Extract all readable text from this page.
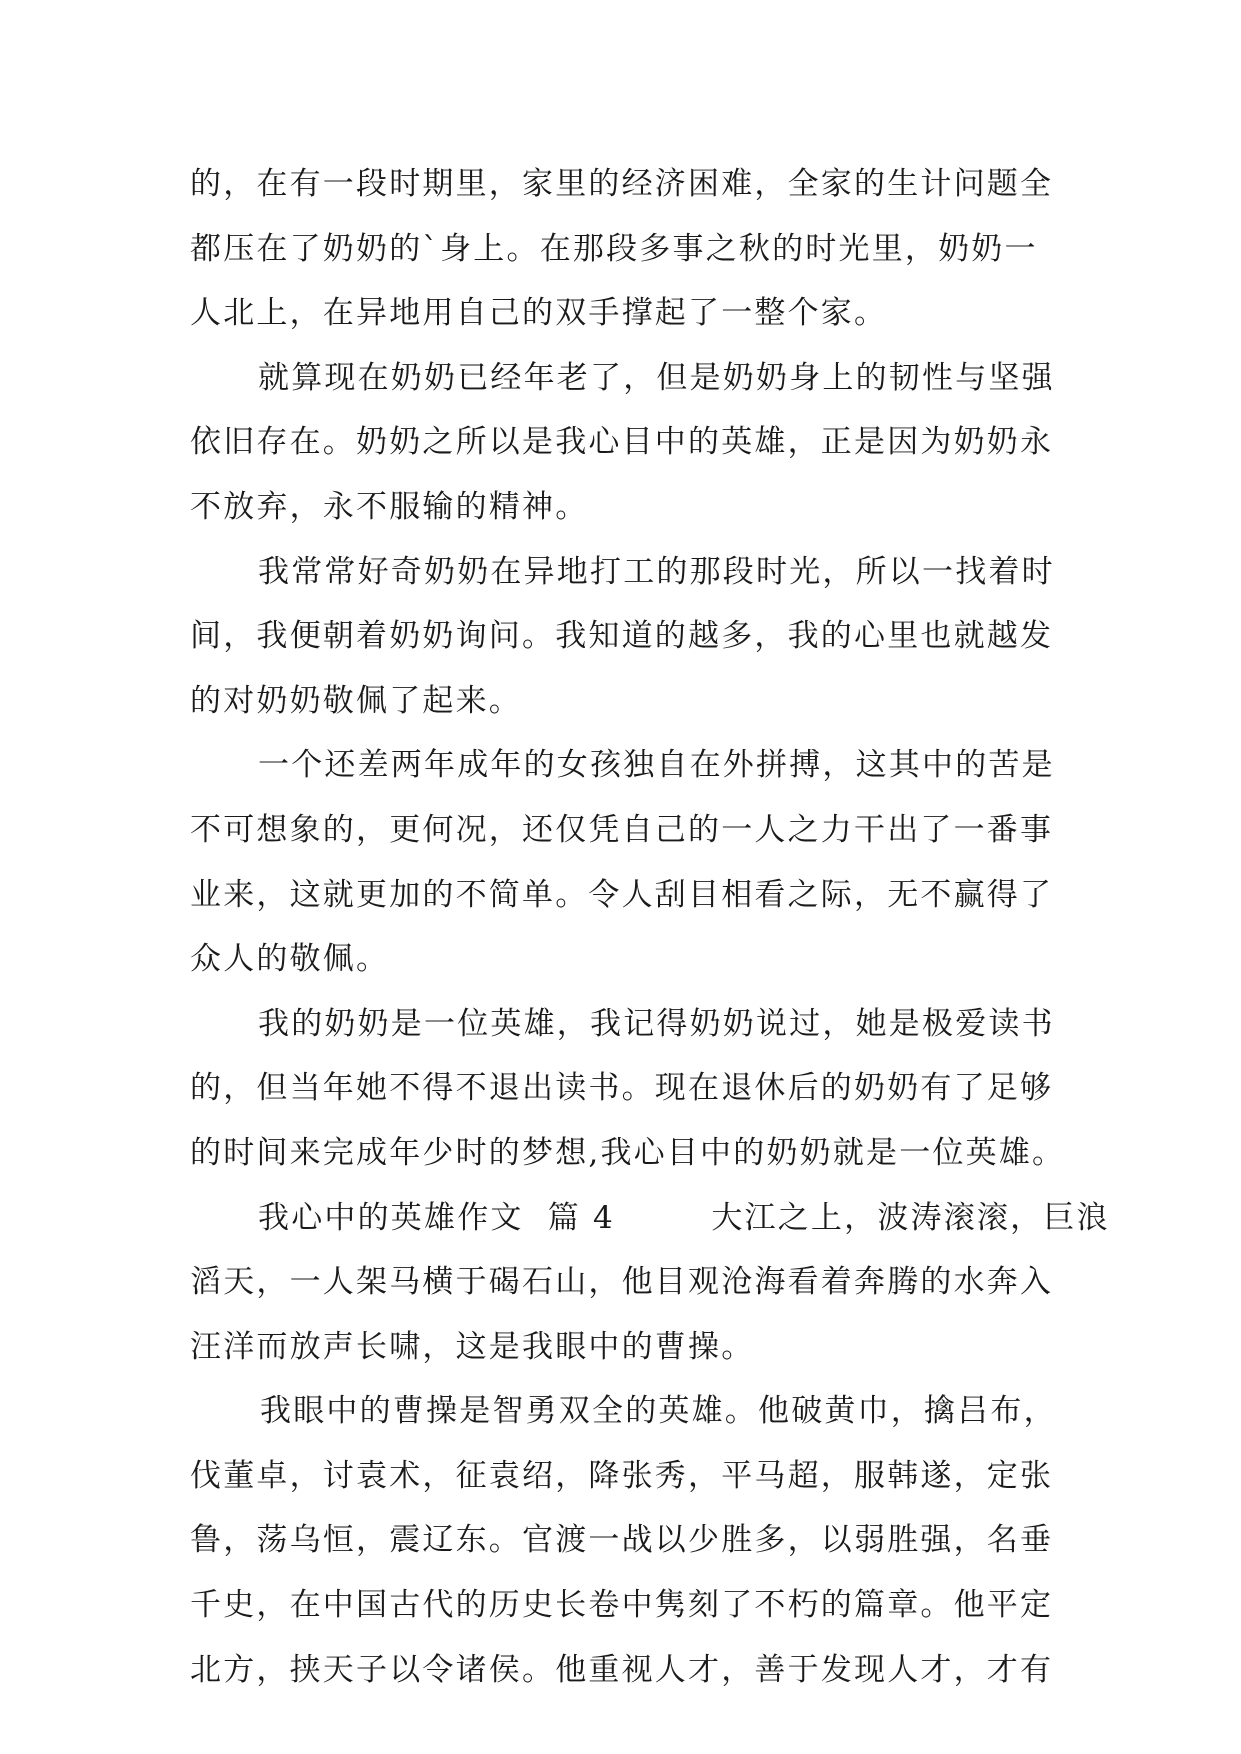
的，在有一段时期里，家里的经济困难，全家的生计问题全
都压在了奶奶的`身上。在那段多事之秋的时光里，奶奶一
人北上，在异地用自己的双手撑起了一整个家。
就算现在奶奶已经年老了，但是奶奶身上的韧性与坚强
依旧存在。奶奶之所以是我心目中的英雄，正是因为奶奶永
不放弃，永不服输的精神。
我常常好奇奶奶在异地打工的那段时光，所以一找着时
间，我便朝着奶奶询问。我知道的越多，我的心里也就越发
的对奶奶敬佩了起来。
一个还差两年成年的女孩独自在外拼搏，这其中的苦是
不可想象的，更何况，还仅凭自己的一人之力干出了一番事
业来，这就更加的不简单。令人刮目相看之际，无不赢得了
众人的敬佩。
我的奶奶是一位英雄，我记得奶奶说过，她是极爱读书
的，但当年她不得不退出读书。现在退休后的奶奶有了足够
的时间来完成年少时的梦想,我心目中的奶奶就是一位英雄。
我心中的英雄作文  篇 4        大江之上，波涛滚滚，巨浪
滔天，一人架马横于碣石山，他目观沧海看着奔腾的水奔入
汪洋而放声长啸，这是我眼中的曹操。
我眼中的曹操是智勇双全的英雄。他破黄巾，擒吕布，
伐董卓，讨袁术，征袁绍，降张秀，平马超，服韩遂，定张
鲁，荡乌恒，震辽东。官渡一战以少胜多，以弱胜强，名垂
千史，在中国古代的历史长卷中隽刻了不朽的篇章。他平定
北方，挟天子以令诸侯。他重视人才，善于发现人才，才有
